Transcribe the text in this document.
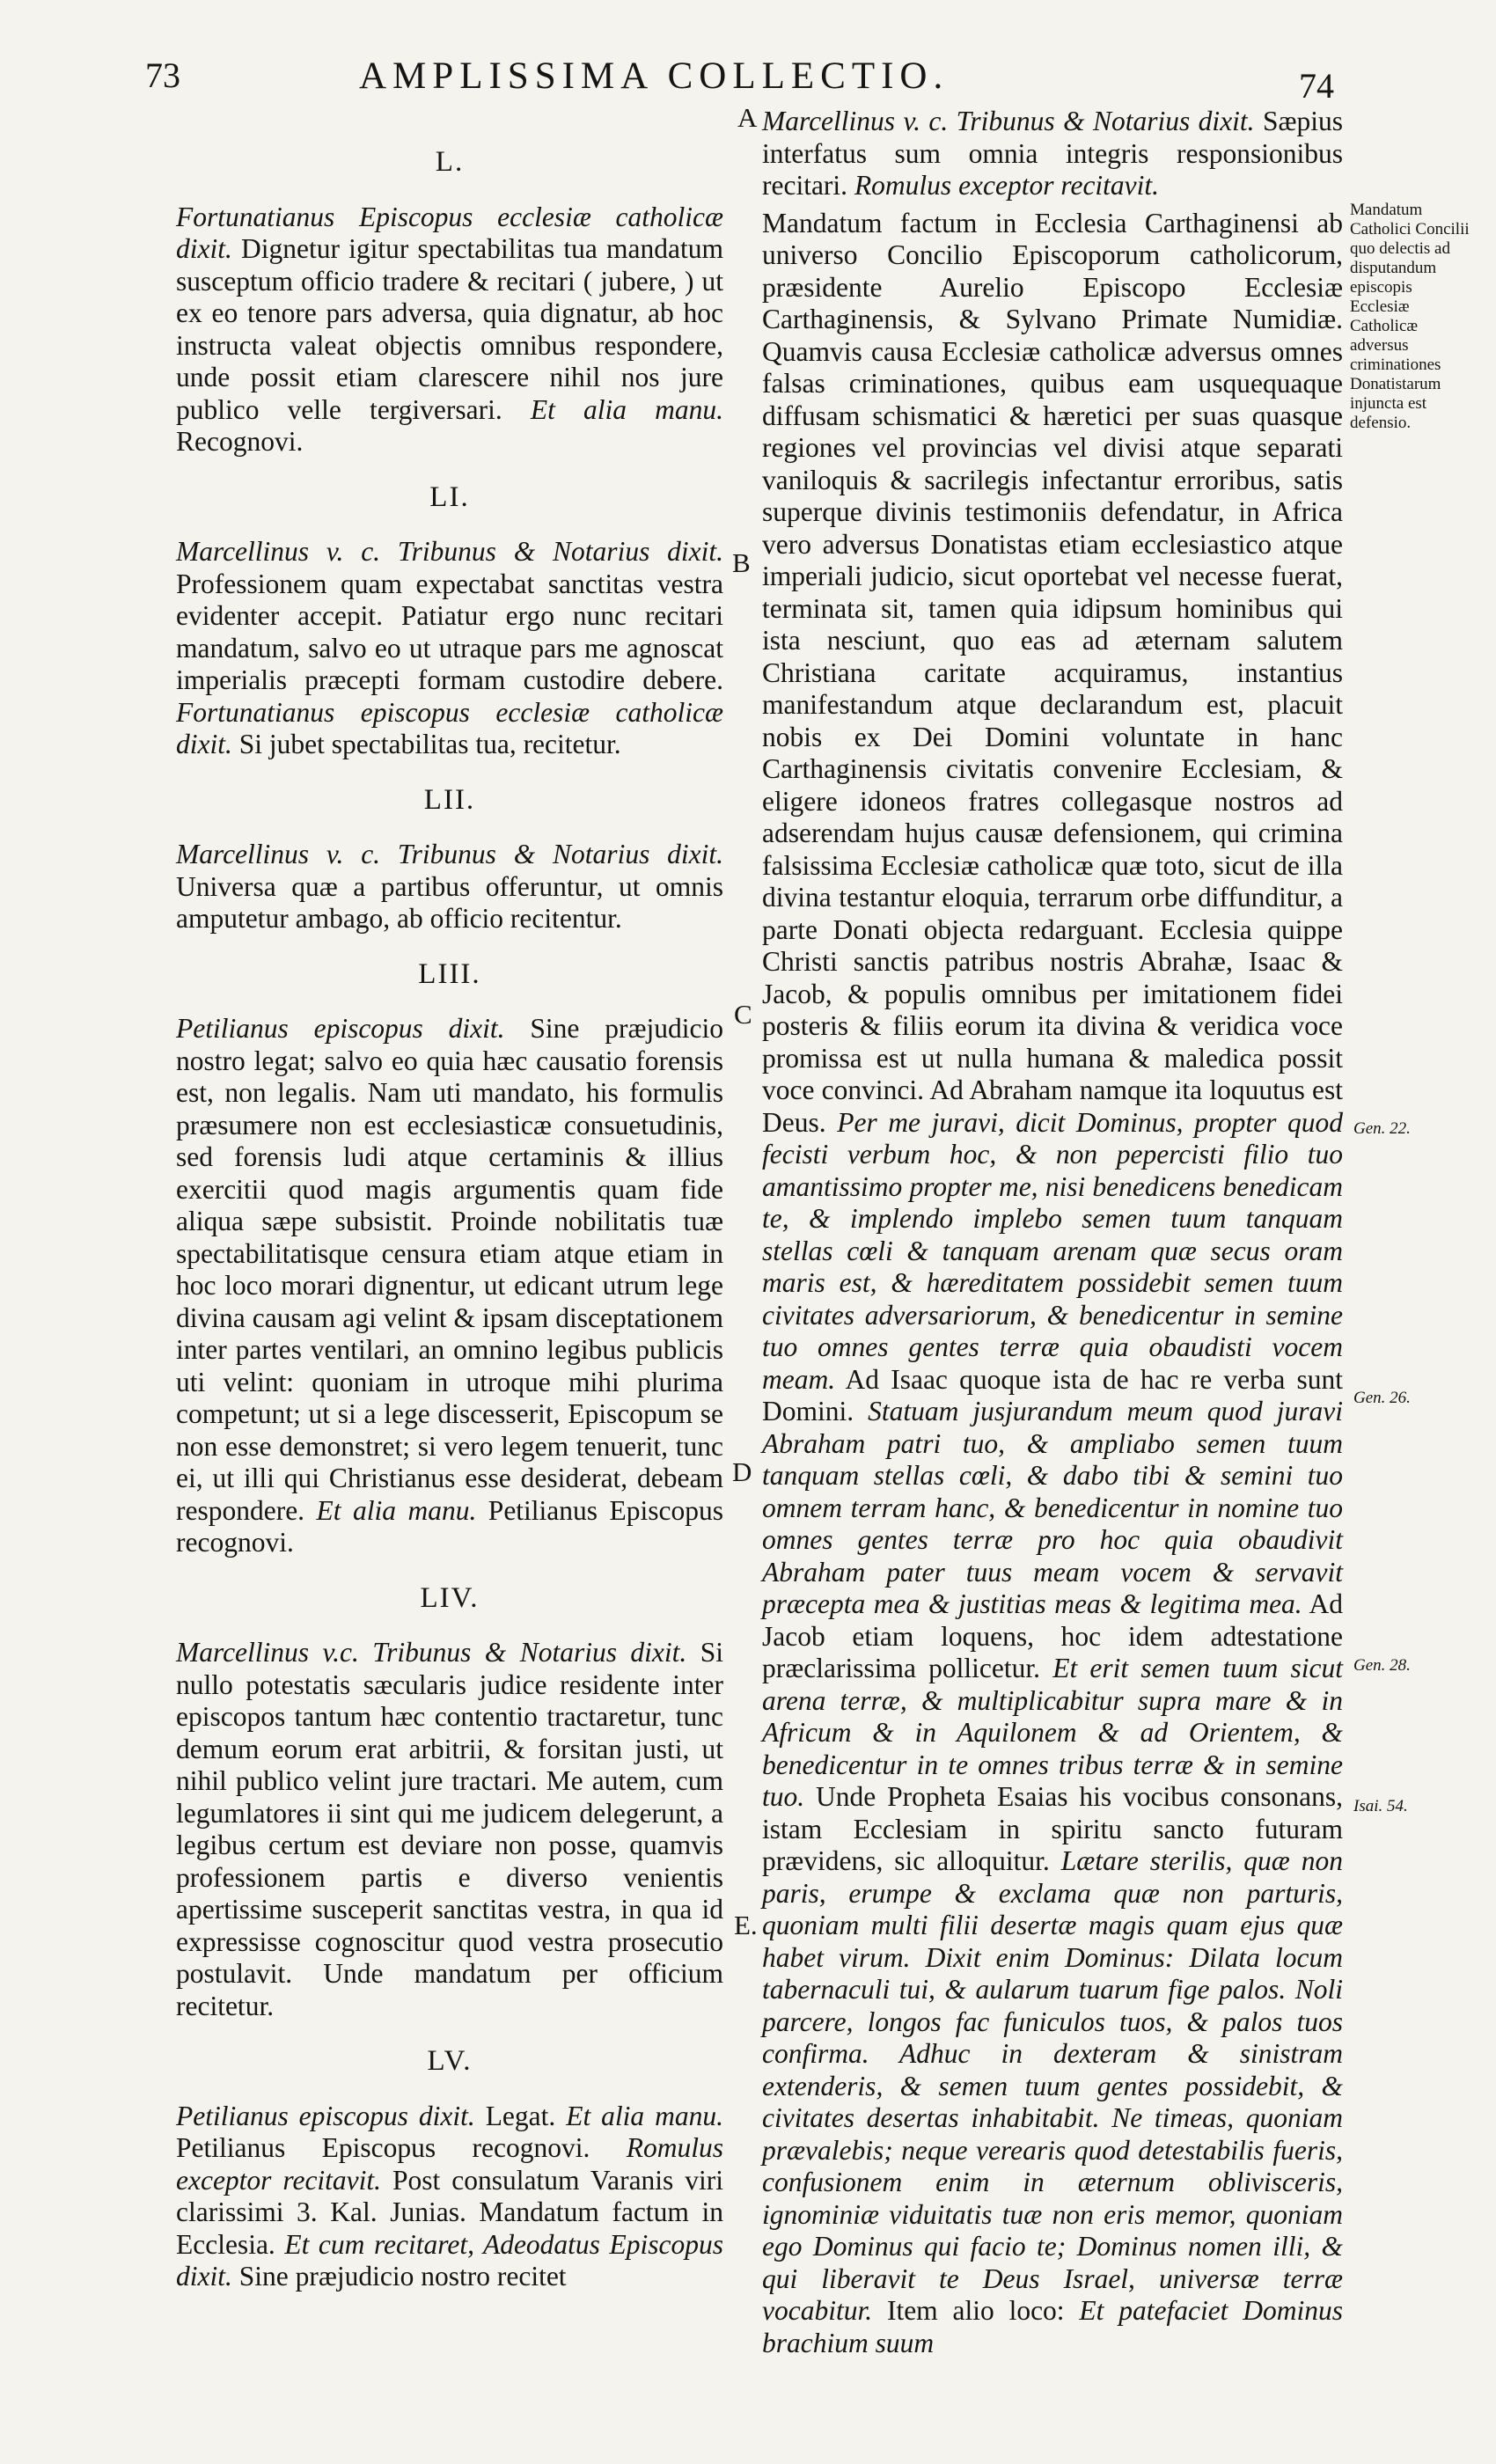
73	AMPLISSIMA COLLECTIO.	74
L.

Fortunatianus Episcopus ecclesiæ catholicæ dixit. Dignetur igitur spectabilitas tua mandatum susceptum officio tradere & recitari ( jubere, ) ut ex eo tenore pars adversa, quia dignatur, ab hoc instructa valeat objectis omnibus respondere, unde possit etiam clarescere nihil nos jure publico velle tergiversari. Et alia manu. Recognovi.

LI.

Marcellinus v. c. Tribunus & Notarius dixit. Professionem quam expectabat sanctitas vestra evidenter accepit. Patiatur ergo nunc recitari mandatum, salvo eo ut utraque pars me agnoscat imperialis præcepti formam custodire debere. Fortunatianus episcopus ecclesiæ catholicæ dixit. Si jubet spectabilitas tua, recitetur.

LII.

Marcellinus v. c. Tribunus & Notarius dixit. Universa quæ a partibus offeruntur, ut omnis amputetur ambago, ab officio recitentur.

LIII.

Petilianus episcopus dixit. Sine præjudicio nostro legat; salvo eo quia hæc causatio forensis est, non legalis. Nam uti mandato, his formulis præsumere non est ecclesiasticæ consuetudinis, sed forensis ludi atque certaminis & illius exercitii quod magis argumentis quam fide aliqua sæpe subsistit. Proinde nobilitatis tuæ spectabilitatisque censura etiam atque etiam in hoc loco morari dignentur, ut edicant utrum lege divina causam agi velint & ipsam disceptationem inter partes ventilari, an omnino legibus publicis uti velint: quoniam in utroque mihi plurima competunt; ut si a lege discesserit, Episcopum se non esse demonstret; si vero legem tenuerit, tunc ei, ut illi qui Christianus esse desiderat, debeam respondere. Et alia manu. Petilianus Episcopus recognovi.

LIV.

Marcellinus v.c. Tribunus & Notarius dixit. Si nullo potestatis sæcularis judice residente inter episcopos tantum hæc contentio tractaretur, tunc demum eorum erat arbitrii, & forsitan justi, ut nihil publico velint jure tractari. Me autem, cum legumlatores ii sint qui me judicem delegerunt, a legibus certum est deviare non posse, quamvis professionem partis e diverso venientis apertissime susceperit sanctitas vestra, in qua id expressisse cognoscitur quod vestra prosecutio postulavit. Unde mandatum per officium recitetur.

LV.

Petilianus episcopus dixit. Legat. Et alia manu. Petilianus Episcopus recognovi. Romulus exceptor recitavit. Post consulatum Varanis viri clarissimi 3. Kal. Junias. Mandatum factum in Ecclesia. Et cum recitaret, Adeodatus Episcopus dixit. Sine præjudicio nostro recitet

A
B
C
D
E.

Marcellinus v. c. Tribunus & Notarius dixit. Sæpius interfatus sum omnia integris responsionibus recitari. Romulus exceptor recitavit.

Mandatum factum in Ecclesia Carthaginensi ab universo Concilio Episcoporum catholicorum, præsidente Aurelio Episcopo Ecclesiæ Carthaginensis, & Sylvano Primate Numidiæ. Quamvis causa Ecclesiæ catholicæ adversus omnes falsas criminationes, quibus eam usquequaque diffusam schismatici & hæretici per suas quasque regiones vel provincias vel divisi atque separati vaniloquis & sacrilegis infectantur erroribus, satis superque divinis testimoniis defendatur, in Africa vero adversus Donatistas etiam ecclesiastico atque imperiali judicio, sicut oportebat vel necesse fuerat, terminata sit, tamen quia idipsum hominibus qui ista nesciunt, quo eas ad æternam salutem Christiana caritate acquiramus, instantius manifestandum atque declarandum est, placuit nobis ex Dei Domini voluntate in hanc Carthaginensis civitatis convenire Ecclesiam, & eligere idoneos fratres collegasque nostros ad adserendam hujus causæ defensionem, qui crimina falsissima Ecclesiæ catholicæ quæ toto, sicut de illa divina testantur eloquia, terrarum orbe diffunditur, a parte Donati objecta redarguant. Ecclesia quippe Christi sanctis patribus nostris Abrahæ, Isaac & Jacob, & populis omnibus per imitationem fidei posteris & filiis eorum ita divina & veridica voce promissa est ut nulla humana & maledica possit voce convinci. Ad Abraham namque ita loquutus est Deus. Per me juravi, dicit Dominus, propter quod fecisti verbum hoc, & non pepercisti filio tuo amantissimo propter me, nisi benedicens benedicam te, & implendo implebo semen tuum tanquam stellas cœli & tanquam arenam quæ secus oram maris est, & hæreditatem possidebit semen tuum civitates adversariorum, & benedicentur in semine tuo omnes gentes terræ quia obaudisti vocem meam. Ad Isaac quoque ista de hac re verba sunt Domini. Statuam jusjurandum meum quod juravi Abraham patri tuo, & ampliabo semen tuum tanquam stellas cœli, & dabo tibi & semini tuo omnem terram hanc, & benedicentur in nomine tuo omnes gentes terræ pro hoc quia obaudivit Abraham pater tuus meam vocem & servavit præcepta mea & justitias meas & legitima mea. Ad Jacob etiam loquens, hoc idem adtestatione præclarissima pollicetur. Et erit semen tuum sicut arena terræ, & multiplicabitur supra mare & in Africum & in Aquilonem & ad Orientem, & benedicentur in te omnes tribus terræ & in semine tuo. Unde Propheta Esaias his vocibus consonans, istam Ecclesiam in spiritu sancto futuram prævidens, sic alloquitur. Lætare sterilis, quæ non paris, erumpe & exclama quæ non parturis, quoniam multi filii desertæ magis quam ejus quæ habet virum. Dixit enim Dominus: Dilata locum tabernaculi tui, & aularum tuarum fige palos. Noli parcere, longos fac funiculos tuos, & palos tuos confirma. Adhuc in dexteram & sinistram extenderis, & semen tuum gentes possidebit, & civitates desertas inhabitabit. Ne timeas, quoniam prævalebis; neque verearis quod detestabilis fueris, confusionem enim in æternum oblivisceris, ignominiæ viduitatis tuæ non eris memor, quoniam ego Dominus qui facio te; Dominus nomen illi, & qui liberavit te Deus Israel, universæ terræ vocabitur. Item alio loco: Et patefaciet Dominus brachium suum

Mandatum Catholici Concilii quo delectis ad disputandum episcopis Ecclesiæ Catholicæ adversus criminationes Donatistarum injuncta est defensio.
Gen. 22.
Gen. 26.
Gen. 28.
Isai. 54.
